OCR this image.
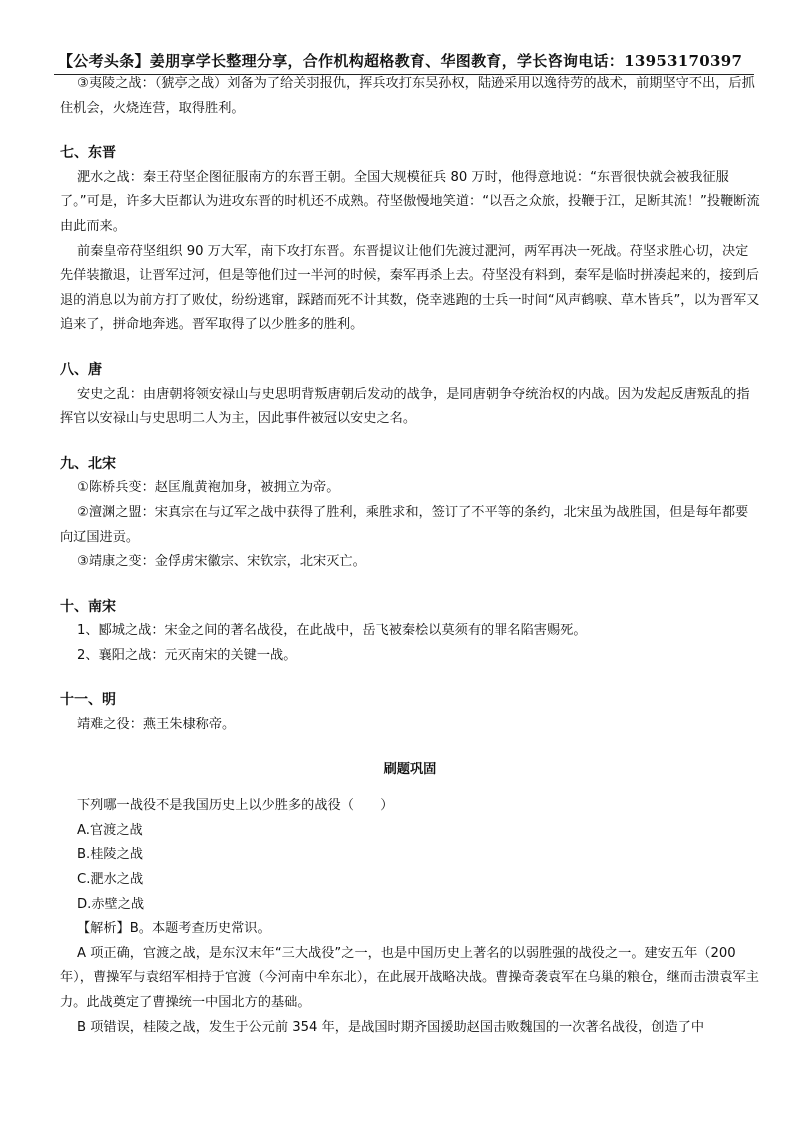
【公考头条】姜朋享学长整理分享，合作机构超格教育、华图教育，学长咨询电话：13953170397

③夷陵之战：（猇亭之战）刘备为了给关羽报仇，挥兵攻打东吴孙权，陆逊采用以逸待劳的战术，前期坚守不出，后抓住机会，火烧连营，取得胜利。

七、东晋

淝水之战：秦王苻坚企图征服南方的东晋王朝。全国大规模征兵 80 万时，他得意地说：“东晋很快就会被我征服了。”可是，许多大臣都认为进攻东晋的时机还不成熟。苻坚傲慢地笑道：“以吾之众旅，投鞭于江，足断其流！”投鞭断流由此而来。

前秦皇帝苻坚组织 90 万大军，南下攻打东晋。东晋提议让他们先渡过淝河，两军再决一死战。苻坚求胜心切，决定先佯装撤退，让晋军过河，但是等他们过一半河的时候，秦军再杀上去。苻坚没有料到，秦军是临时拼凑起来的，接到后退的消息以为前方打了败仗，纷纷逃窜，踩踏而死不计其数，侥幸逃跑的士兵一时间“风声鹤唳、草木皆兵”，以为晋军又追来了，拼命地奔逃。晋军取得了以少胜多的胜利。

八、唐

安史之乱：由唐朝将领安禄山与史思明背叛唐朝后发动的战争，是同唐朝争夺统治权的内战。因为发起反唐叛乱的指挥官以安禄山与史思明二人为主，因此事件被冠以安史之名。

九、北宋

①陈桥兵变：赵匡胤黄袍加身，被拥立为帝。

②澶渊之盟：宋真宗在与辽军之战中获得了胜利，乘胜求和，签订了不平等的条约，北宋虽为战胜国，但是每年都要向辽国进贡。

③靖康之变：金俘虏宋徽宗、宋钦宗，北宋灭亡。

十、南宋

1、郾城之战：宋金之间的著名战役，在此战中，岳飞被秦桧以莫须有的罪名陷害赐死。

2、襄阳之战：元灭南宋的关键一战。

十一、明

靖难之役：燕王朱棣称帝。

刷题巩固

下列哪一战役不是我国历史上以少胜多的战役（　　）

A.官渡之战

B.桂陵之战

C.淝水之战

D.赤壁之战

【解析】B。本题考查历史常识。

A 项正确，官渡之战，是东汉末年“三大战役”之一，也是中国历史上著名的以弱胜强的战役之一。建安五年（200 年），曹操军与袁绍军相持于官渡（今河南中牟东北），在此展开战略决战。曹操奇袭袁军在乌巢的粮仓，继而击溃袁军主力。此战奠定了曹操统一中国北方的基础。

B 项错误，桂陵之战，发生于公元前 354 年，是战国时期齐国援助赵国击败魏国的一次著名战役，创造了中
